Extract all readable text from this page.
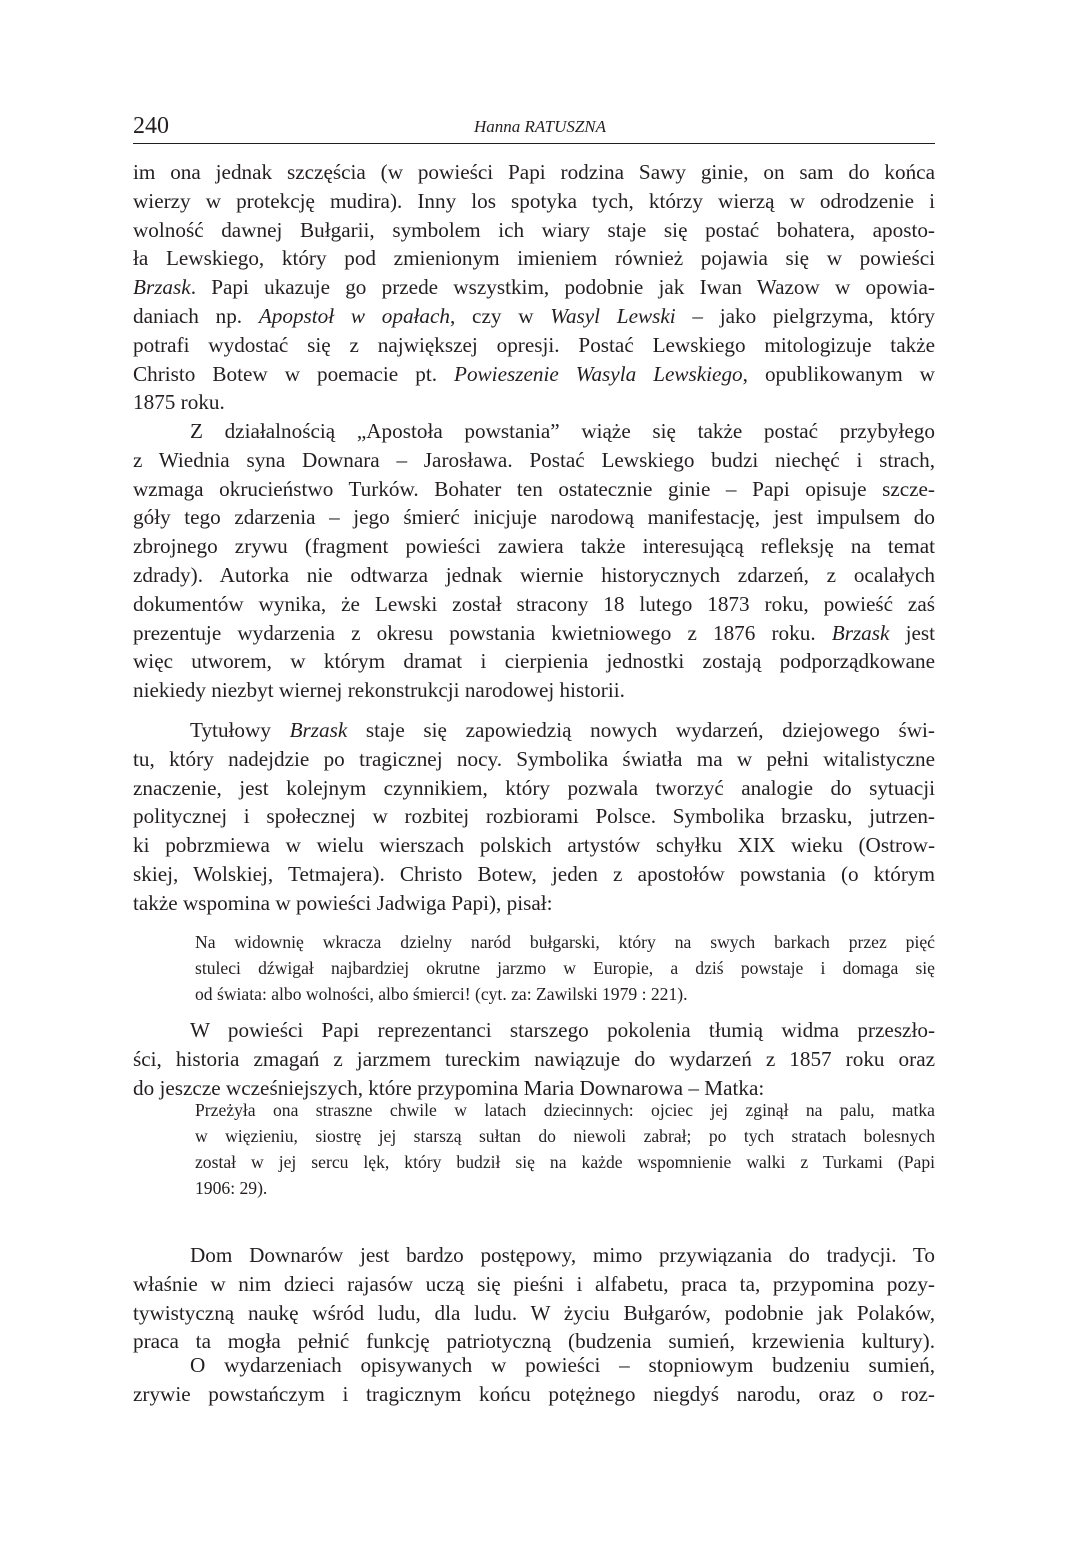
240	Hanna RATUSZNA
im ona jednak szczęścia (w powieści Papi rodzina Sawy ginie, on sam do końca
wierzy w protekcję mudira). Inny los spotyka tych, którzy wierzą w odrodzenie i
wolność dawnej Bułgarii, symbolem ich wiary staje się postać bohatera, aposto-
ła Lewskiego, który pod zmienionym imieniem również pojawia się w powieści
Brzask. Papi ukazuje go przede wszystkim, podobnie jak Iwan Wazow w opowia-
daniach np. Apopstoł w opałach, czy w Wasyl Lewski – jako pielgrzyma, który
potrafi wydostać się z największej opresji. Postać Lewskiego mitologizuje także
Christo Botew w poemacie pt. Powieszenie Wasyla Lewskiego, opublikowanym w
1875 roku.
Z działalnością „Apostoła powstania” wiąże się także postać przybyłego
z Wiednia syna Downara – Jarosława. Postać Lewskiego budzi niechęć i strach,
wzmaga okrucieństwo Turków. Bohater ten ostatecznie ginie – Papi opisuje szcze-
góły tego zdarzenia – jego śmierć inicjuje narodową manifestację, jest impulsem do
zbrojnego zrywu (fragment powieści zawiera także interesującą refleksję na temat
zdrady). Autorka nie odtwarza jednak wiernie historycznych zdarzeń, z ocalałych
dokumentów wynika, że Lewski został stracony 18 lutego 1873 roku, powieść zaś
prezentuje wydarzenia z okresu powstania kwietniowego z 1876 roku. Brzask jest
więc utworem, w którym dramat i cierpienia jednostki zostają podporządkowane
niekiedy niezbyt wiernej rekonstrukcji narodowej historii.
Tytułowy Brzask staje się zapowiedzią nowych wydarzeń, dziejowego świ-
tu, który nadejdzie po tragicznej nocy. Symbolika światła ma w pełni witalistyczne
znaczenie, jest kolejnym czynnikiem, który pozwala tworzyć analogie do sytuacji
politycznej i społecznej w rozbitej rozbiorami Polsce. Symbolika brzasku, jutrzen-
ki pobrzmiewa w wielu wierszach polskich artystów schyłku XIX wieku (Ostrow-
skiej, Wolskiej, Tetmajera). Christo Botew, jeden z apostołów powstania (o którym
także wspomina w powieści Jadwiga Papi), pisał:
Na widownię wkracza dzielny naród bułgarski, który na swych barkach przez pięć
stuleci dźwigał najbardziej okrutne jarzmo w Europie, a dziś powstaje i domaga się
od świata: albo wolności, albo śmierci! (cyt. za: Zawilski 1979 : 221).
W powieści Papi reprezentanci starszego pokolenia tłumią widma przeszło-
ści, historia zmagań z jarzmem tureckim nawiązuje do wydarzeń z 1857 roku oraz
do jeszcze wcześniejszych, które przypomina Maria Downarowa – Matka:
Przeżyła ona straszne chwile w latach dziecinnych: ojciec jej zginął na palu, matka
w więzieniu, siostrę jej starszą sułtan do niewoli zabrał; po tych stratach bolesnych
został w jej sercu lęk, który budził się na każde wspomnienie walki z Turkami (Papi
1906: 29).
Dom Downarów jest bardzo postępowy, mimo przywiązania do tradycji. To
właśnie w nim dzieci rajasów uczą się pieśni i alfabetu, praca ta, przypomina pozy-
tywistyczną naukę wśród ludu, dla ludu. W życiu Bułgarów, podobnie jak Polaków,
praca ta mogła pełnić funkcję patriotyczną (budzenia sumień, krzewienia kultury).
O wydarzeniach opisywanych w powieści – stopniowym budzeniu sumień,
zrywie powstańczym i tragicznym końcu potężnego niegdyś narodu, oraz o roz-
